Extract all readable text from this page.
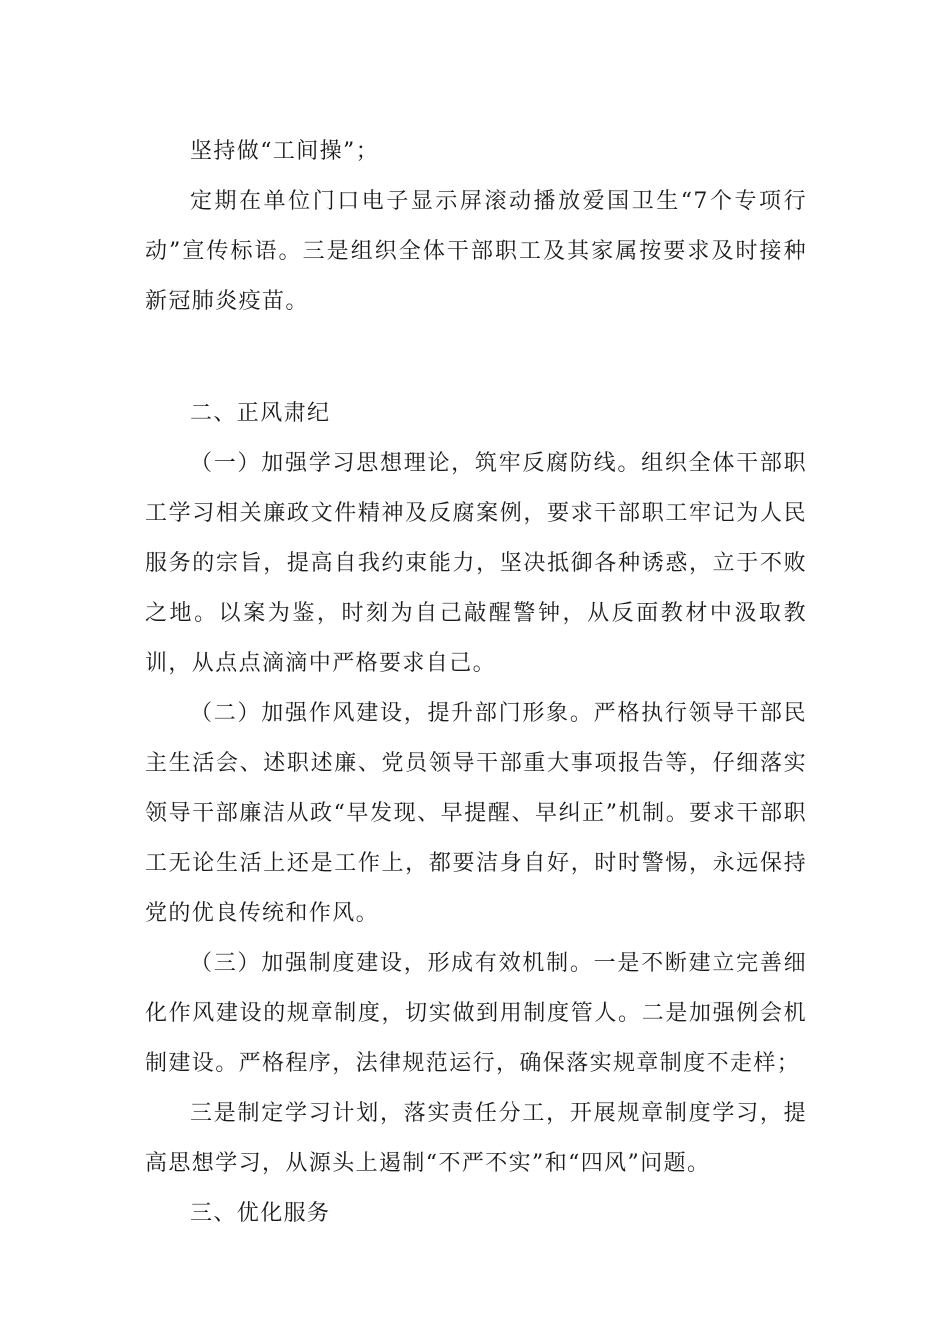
坚持做“工间操”；

定期在单位门口电子显示屏滚动播放爱国卫生“7个专项行动”宣传标语。三是组织全体干部职工及其家属按要求及时接种新冠肺炎疫苗。

二、正风肃纪

（一）加强学习思想理论，筑牢反腐防线。组织全体干部职工学习相关廉政文件精神及反腐案例，要求干部职工牢记为人民服务的宗旨，提高自我约束能力，坚决抵御各种诱惑，立于不败之地。以案为鉴，时刻为自己敲醒警钟，从反面教材中汲取教训，从点点滴滴中严格要求自己。

（二）加强作风建设，提升部门形象。严格执行领导干部民主生活会、述职述廉、党员领导干部重大事项报告等，仔细落实领导干部廉洁从政“早发现、早提醒、早纠正”机制。要求干部职工无论生活上还是工作上，都要洁身自好，时时警惕，永远保持党的优良传统和作风。

（三）加强制度建设，形成有效机制。一是不断建立完善细化作风建设的规章制度，切实做到用制度管人。二是加强例会机制建设。严格程序，法律规范运行，确保落实规章制度不走样；

三是制定学习计划，落实责任分工，开展规章制度学习，提高思想学习，从源头上遏制“不严不实”和“四风”问题。

三、优化服务
